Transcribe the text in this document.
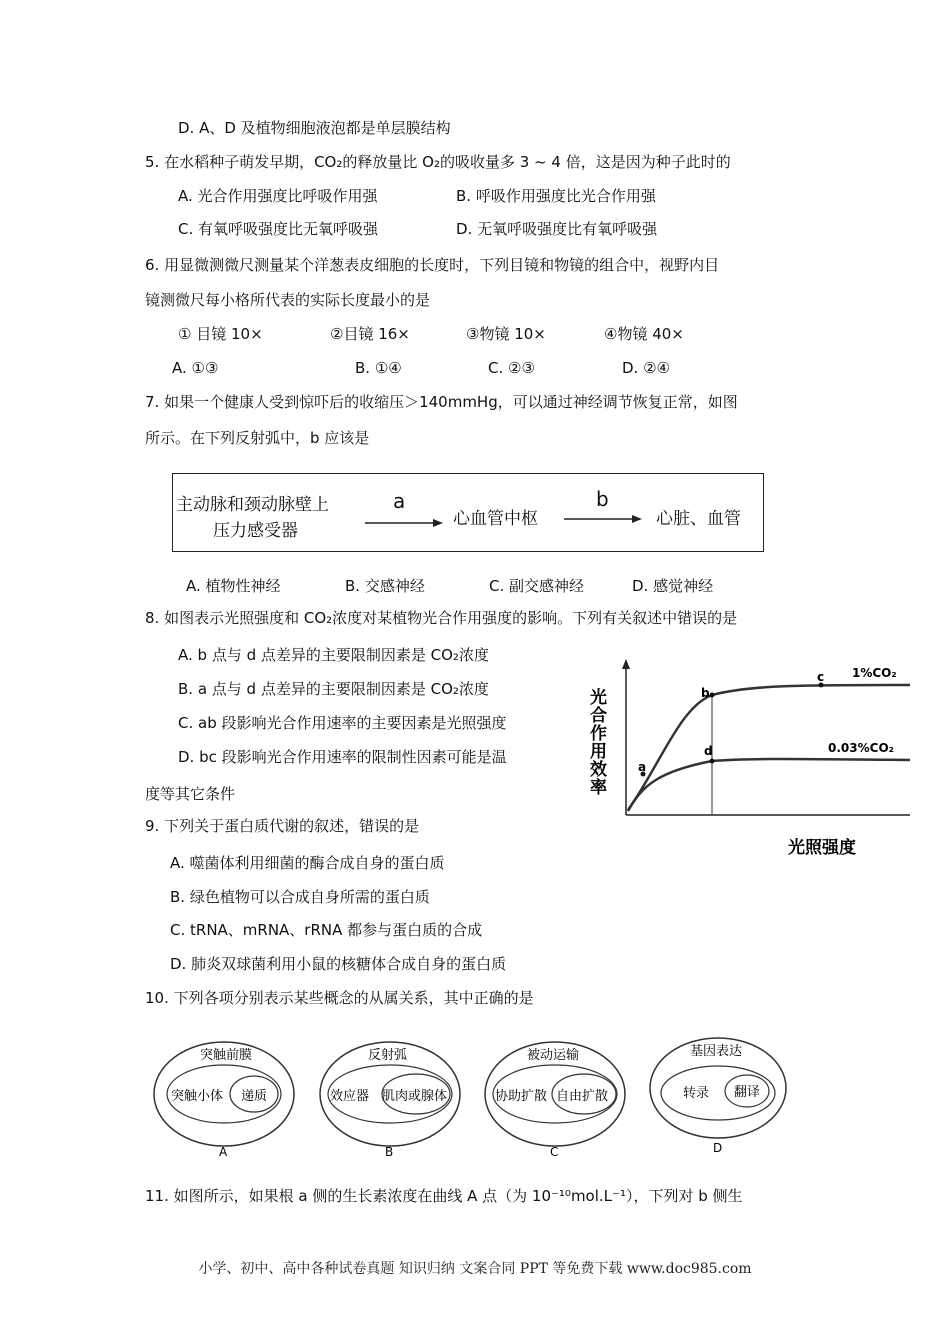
D. A、D 及植物细胞液泡都是单层膜结构
5. 在水稻种子萌发早期，CO₂的释放量比 O₂的吸收量多 3 ~ 4 倍，这是因为种子此时的
A. 光合作用强度比呼吸作用强	B. 呼吸作用强度比光合作用强
C. 有氧呼吸强度比无氧呼吸强	D. 无氧呼吸强度比有氧呼吸强
6. 用显微测微尺测量某个洋葱表皮细胞的长度时，下列目镜和物镜的组合中，视野内目
镜测微尺每小格所代表的实际长度最小的是
① 目镜 10×	②目镜 16×	③物镜 10×	④物镜 40×
A. ①③	B. ①④	C. ②③	D. ②④
7. 如果一个健康人受到惊吓后的收缩压＞140mmHg，可以通过神经调节恢复正常，如图
所示。在下列反射弧中，b 应该是
主动脉和颈动脉壁上
压力感受器
a
心血管中枢
b
心脏、血管
A. 植物性神经	B. 交感神经	C. 副交感神经	D. 感觉神经
8. 如图表示光照强度和 CO₂浓度对某植物光合作用强度的影响。下列有关叙述中错误的是
A. b 点与 d 点差异的主要限制因素是 CO₂浓度
B. a 点与 d 点差异的主要限制因素是 CO₂浓度
C. ab 段影响光合作用速率的主要因素是光照强度
D. bc 段影响光合作用速率的限制性因素可能是温
度等其它条件
a
b
c
d
1%CO₂
0.03%CO₂
光
合
作
用
效
率
光照强度
9. 下列关于蛋白质代谢的叙述，错误的是
A. 噬菌体利用细菌的酶合成自身的蛋白质
B. 绿色植物可以合成自身所需的蛋白质
C. tRNA、mRNA、rRNA 都参与蛋白质的合成
D. 肺炎双球菌利用小鼠的核糖体合成自身的蛋白质
10. 下列各项分别表示某些概念的从属关系，其中正确的是
突触前膜
突触小体 递质
A
反射弧
效应器 肌肉或腺体
B
被动运输
协助扩散 自由扩散
C
基因表达
转录 翻译
D
11. 如图所示，如果根 a 侧的生长素浓度在曲线 A 点（为 10⁻¹⁰mol.L⁻¹），下列对 b 侧生
小学、初中、高中各种试卷真题 知识归纳 文案合同 PPT 等免费下载 www.doc985.com
